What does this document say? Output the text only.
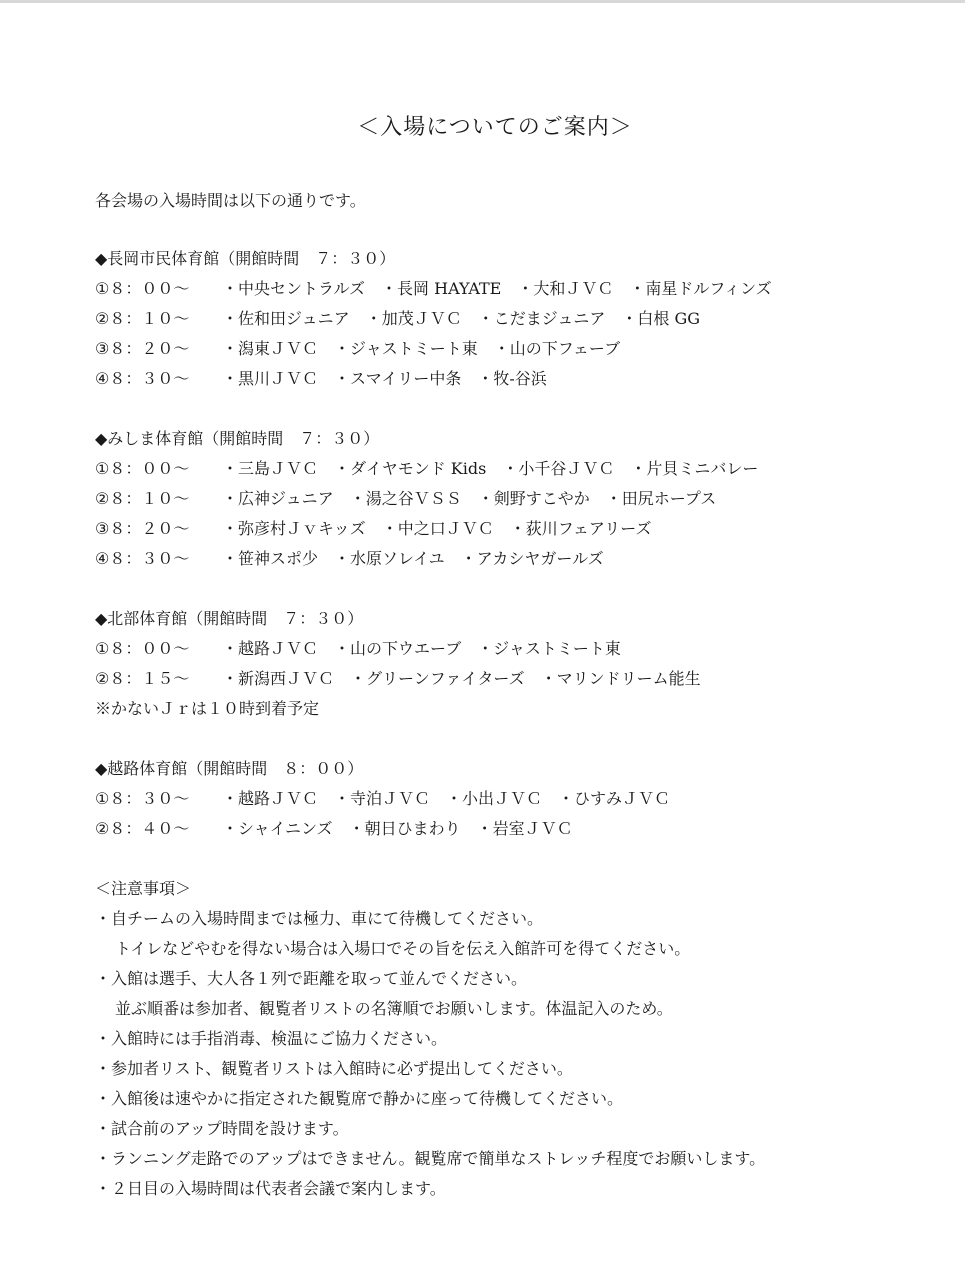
＜入場についてのご案内＞
各会場の入場時間は以下の通りです。
◆長岡市民体育館（開館時間　７：３０）
①８：００～ ・中央セントラルズ ・長岡 HAYATE ・大和ＪＶＣ ・南星ドルフィンズ
②８：１０～ ・佐和田ジュニア ・加茂ＪＶＣ ・こだまジュニア ・白根 GG
③８：２０～ ・潟東ＪＶＣ ・ジャストミート東 ・山の下フェーブ
④８：３０～ ・黒川ＪＶＣ ・スマイリー中条 ・牧-谷浜
◆みしま体育館（開館時間　７：３０）
①８：００～ ・三島ＪＶＣ ・ダイヤモンド Kids ・小千谷ＪＶＣ ・片貝ミニバレー
②８：１０～ ・広神ジュニア ・湯之谷ＶＳＳ ・剣野すこやか ・田尻ホープス
③８：２０～ ・弥彦村Ｊｖキッズ ・中之口ＪＶＣ ・荻川フェアリーズ
④８：３０～ ・笹神スポ少 ・水原ソレイユ ・アカシヤガールズ
◆北部体育館（開館時間　７：３０）
①８：００～ ・越路ＪＶＣ ・山の下ウエーブ ・ジャストミート東
②８：１５～ ・新潟西ＪＶＣ ・グリーンファイターズ ・マリンドリーム能生
※かないＪｒは１０時到着予定
◆越路体育館（開館時間　８：００）
①８：３０～ ・越路ＪＶＣ ・寺泊ＪＶＣ ・小出ＪＶＣ ・ひすみＪＶＣ
②８：４０～ ・シャイニンズ ・朝日ひまわり ・岩室ＪＶＣ
＜注意事項＞
・自チームの入場時間までは極力、車にて待機してください。
トイレなどやむを得ない場合は入場口でその旨を伝え入館許可を得てください。
・入館は選手、大人各１列で距離を取って並んでください。
並ぶ順番は参加者、観覧者リストの名簿順でお願いします。体温記入のため。
・入館時には手指消毒、検温にご協力ください。
・参加者リスト、観覧者リストは入館時に必ず提出してください。
・入館後は速やかに指定された観覧席で静かに座って待機してください。
・試合前のアップ時間を設けます。
・ランニング走路でのアップはできません。観覧席で簡単なストレッチ程度でお願いします。
・２日目の入場時間は代表者会議で案内します。
